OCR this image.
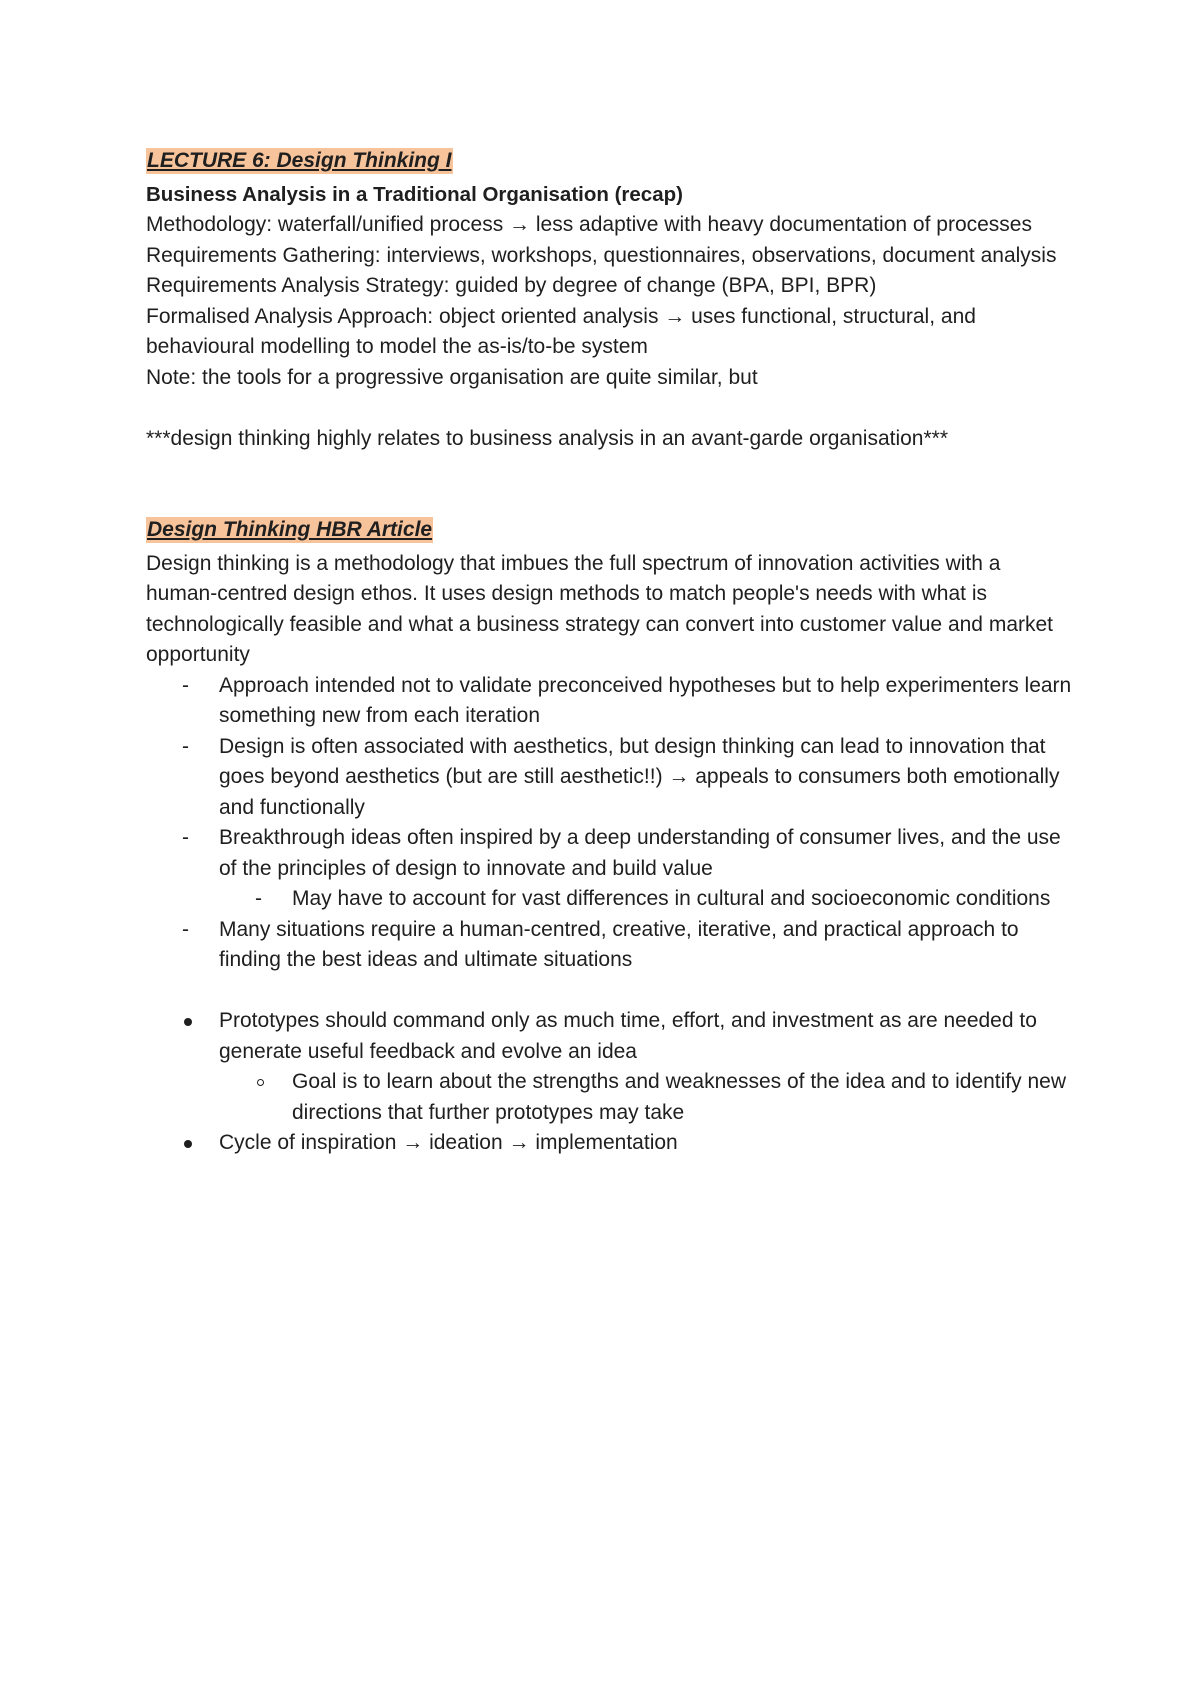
LECTURE 6: Design Thinking I
Business Analysis in a Traditional Organisation (recap)
Methodology: waterfall/unified process → less adaptive with heavy documentation of processes
Requirements Gathering: interviews, workshops, questionnaires, observations, document analysis
Requirements Analysis Strategy: guided by degree of change (BPA, BPI, BPR)
Formalised Analysis Approach: object oriented analysis → uses functional, structural, and behavioural modelling to model the as-is/to-be system
Note: the tools for a progressive organisation are quite similar, but
***design thinking highly relates to business analysis in an avant-garde organisation***
Design Thinking HBR Article
Design thinking is a methodology that imbues the full spectrum of innovation activities with a human-centred design ethos. It uses design methods to match people's needs with what is technologically feasible and what a business strategy can convert into customer value and market opportunity
- Approach intended not to validate preconceived hypotheses but to help experimenters learn something new from each iteration
- Design is often associated with aesthetics, but design thinking can lead to innovation that goes beyond aesthetics (but are still aesthetic!!) → appeals to consumers both emotionally and functionally
- Breakthrough ideas often inspired by a deep understanding of consumer lives, and the use of the principles of design to innovate and build value
- May have to account for vast differences in cultural and socioeconomic conditions
- Many situations require a human-centred, creative, iterative, and practical approach to finding the best ideas and ultimate situations
Prototypes should command only as much time, effort, and investment as are needed to generate useful feedback and evolve an idea
Goal is to learn about the strengths and weaknesses of the idea and to identify new directions that further prototypes may take
Cycle of inspiration → ideation → implementation
